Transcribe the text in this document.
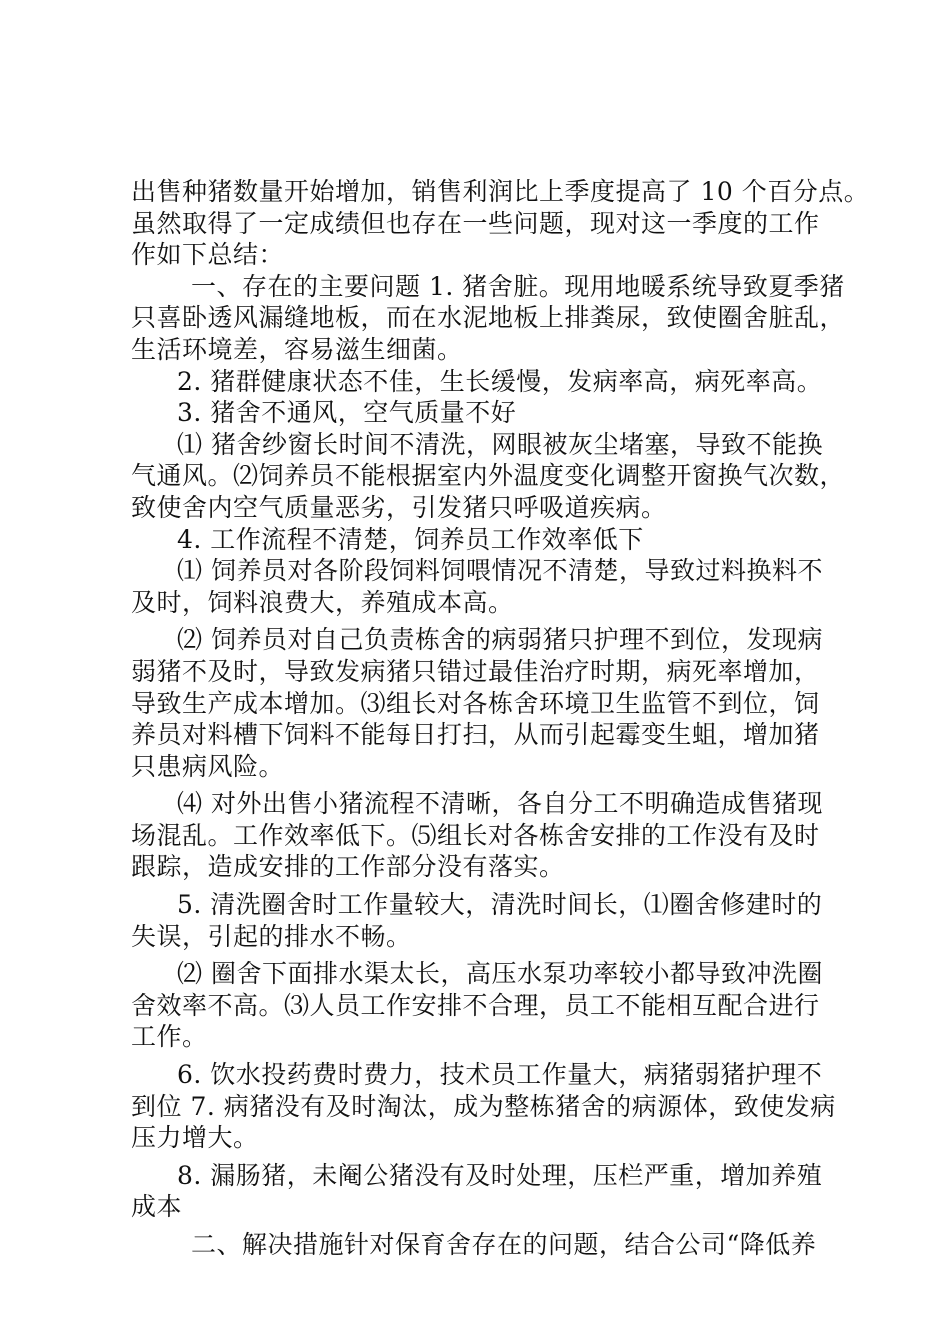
出售种猪数量开始增加，销售利润比上季度提高了 10 个百分点。
虽然取得了一定成绩但也存在一些问题，现对这一季度的工作
作如下总结：
一、存在的主要问题 1. 猪舍脏。现用地暖系统导致夏季猪
只喜卧透风漏缝地板，而在水泥地板上排粪尿，致使圈舍脏乱，
生活环境差，容易滋生细菌。
2. 猪群健康状态不佳，生长缓慢，发病率高，病死率高。
3. 猪舍不通风，空气质量不好
⑴ 猪舍纱窗长时间不清洗，网眼被灰尘堵塞，导致不能换
气通风。⑵饲养员不能根据室内外温度变化调整开窗换气次数，
致使舍内空气质量恶劣，引发猪只呼吸道疾病。
4. 工作流程不清楚，饲养员工作效率低下
⑴ 饲养员对各阶段饲料饲喂情况不清楚，导致过料换料不
及时，饲料浪费大，养殖成本高。
⑵ 饲养员对自己负责栋舍的病弱猪只护理不到位，发现病
弱猪不及时，导致发病猪只错过最佳治疗时期，病死率增加，
导致生产成本增加。⑶组长对各栋舍环境卫生监管不到位，饲
养员对料槽下饲料不能每日打扫，从而引起霉变生蛆，增加猪
只患病风险。
⑷ 对外出售小猪流程不清晰，各自分工不明确造成售猪现
场混乱。工作效率低下。⑸组长对各栋舍安排的工作没有及时
跟踪，造成安排的工作部分没有落实。
5. 清洗圈舍时工作量较大，清洗时间长，⑴圈舍修建时的
失误，引起的排水不畅。
⑵ 圈舍下面排水渠太长，高压水泵功率较小都导致冲洗圈
舍效率不高。⑶人员工作安排不合理，员工不能相互配合进行
工作。
6. 饮水投药费时费力，技术员工作量大，病猪弱猪护理不
到位 7. 病猪没有及时淘汰，成为整栋猪舍的病源体，致使发病
压力增大。
8. 漏肠猪，未阉公猪没有及时处理，压栏严重，增加养殖
成本
二、解决措施针对保育舍存在的问题，结合公司“降低养
